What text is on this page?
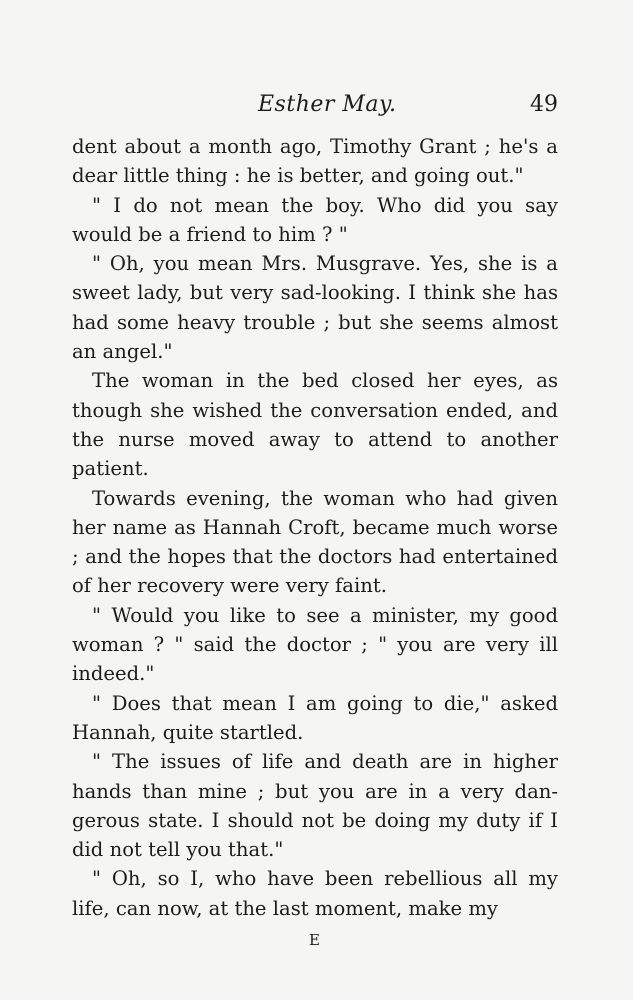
Esther May.	49

dent about a month ago, Timothy Grant ; he's a dear little thing : he is better, and going out."

" I do not mean the boy. Who did you say would be a friend to him ? "

" Oh, you mean Mrs. Musgrave. Yes, she is a sweet lady, but very sad-looking. I think she has had some heavy trouble ; but she seems almost an angel."

The woman in the bed closed her eyes, as though she wished the conversation ended, and the nurse moved away to attend to another patient.

Towards evening, the woman who had given her name as Hannah Croft, became much worse ; and the hopes that the doctors had entertained of her recovery were very faint.

" Would you like to see a minister, my good woman ? " said the doctor ; " you are very ill indeed."

" Does that mean I am going to die," asked Hannah, quite startled.

" The issues of life and death are in higher hands than mine ; but you are in a very dan-gerous state. I should not be doing my duty if I did not tell you that."

" Oh, so I, who have been rebellious all my life, can now, at the last moment, make my

E
